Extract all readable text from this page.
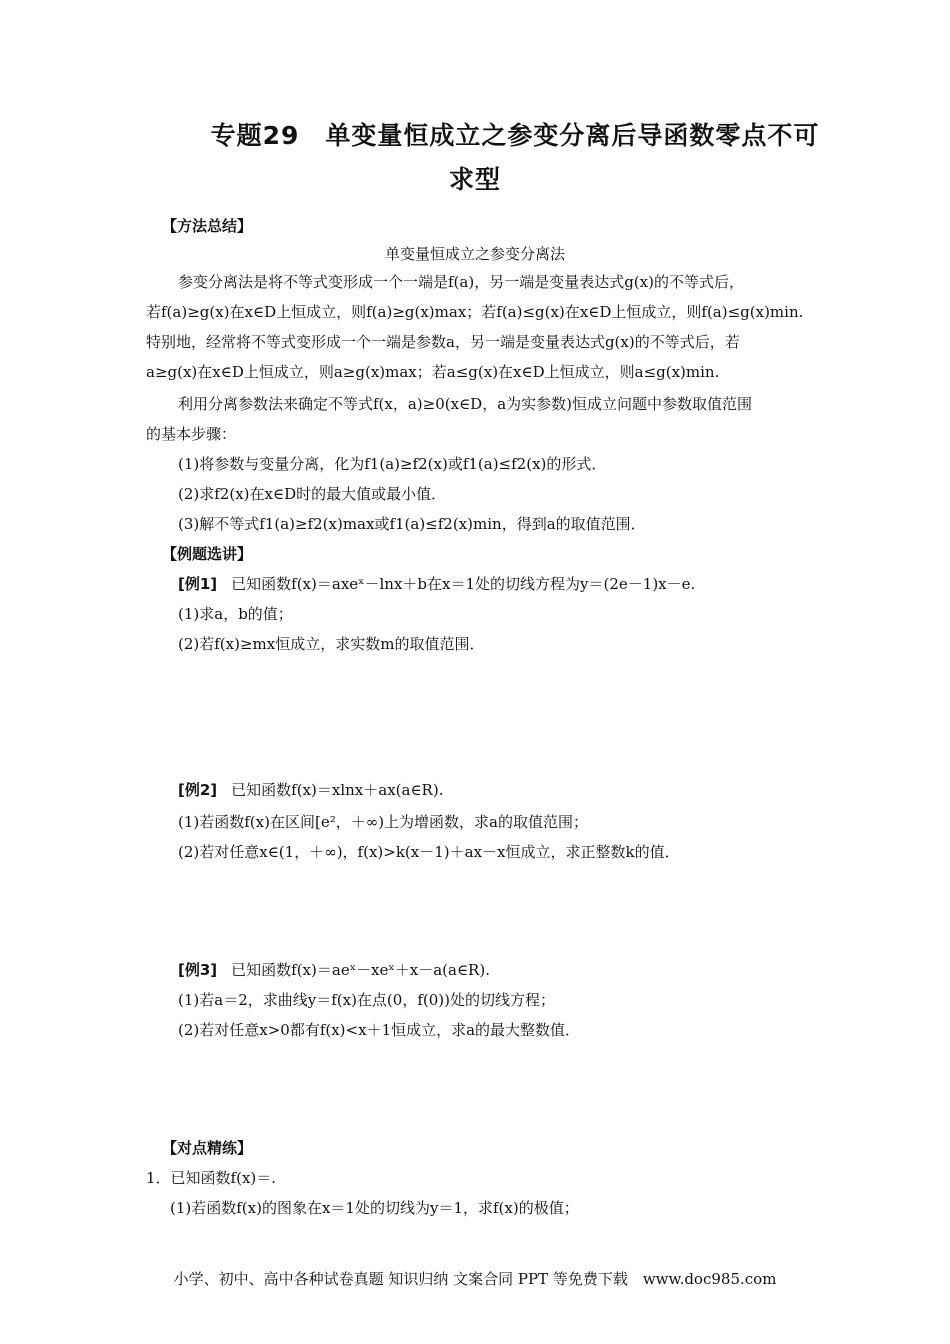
专题29　单变量恒成立之参变分离后导函数零点不可
求型
【方法总结】
单变量恒成立之参变分离法
参变分离法是将不等式变形成一个一端是f(a)，另一端是变量表达式g(x)的不等式后，
若f(a)≥g(x)在x∈D上恒成立，则f(a)≥g(x)max；若f(a)≤g(x)在x∈D上恒成立，则f(a)≤g(x)min.
特别地，经常将不等式变形成一个一端是参数a，另一端是变量表达式g(x)的不等式后，若
a≥g(x)在x∈D上恒成立，则a≥g(x)max；若a≤g(x)在x∈D上恒成立，则a≤g(x)min.
利用分离参数法来确定不等式f(x，a)≥0(x∈D，a为实参数)恒成立问题中参数取值范围
的基本步骤：
(1)将参数与变量分离，化为f1(a)≥f2(x)或f1(a)≤f2(x)的形式．
(2)求f2(x)在x∈D时的最大值或最小值．
(3)解不等式f1(a)≥f2(x)max或f1(a)≤f2(x)min，得到a的取值范围．
【例题选讲】
[例1] 已知函数f(x)＝axeˣ－lnx＋b在x＝1处的切线方程为y＝(2e－1)x－e.
(1)求a，b的值；
(2)若f(x)≥mx恒成立，求实数m的取值范围．
[例2] 已知函数f(x)＝xlnx＋ax(a∈R).
(1)若函数f(x)在区间[e²，＋∞)上为增函数，求a的取值范围；
(2)若对任意x∈(1，＋∞)，f(x)>k(x－1)＋ax－x恒成立，求正整数k的值．
[例3] 已知函数f(x)＝aeˣ－xeˣ＋x－a(a∈R).
(1)若a＝2，求曲线y＝f(x)在点(0，f(0))处的切线方程；
(2)若对任意x>0都有f(x)<x＋1恒成立，求a的最大整数值．
【对点精练】
1．已知函数f(x)＝.
(1)若函数f(x)的图象在x＝1处的切线为y＝1，求f(x)的极值；
小学、初中、高中各种试卷真题 知识归纳 文案合同 PPT 等免费下载　www.doc985.com
